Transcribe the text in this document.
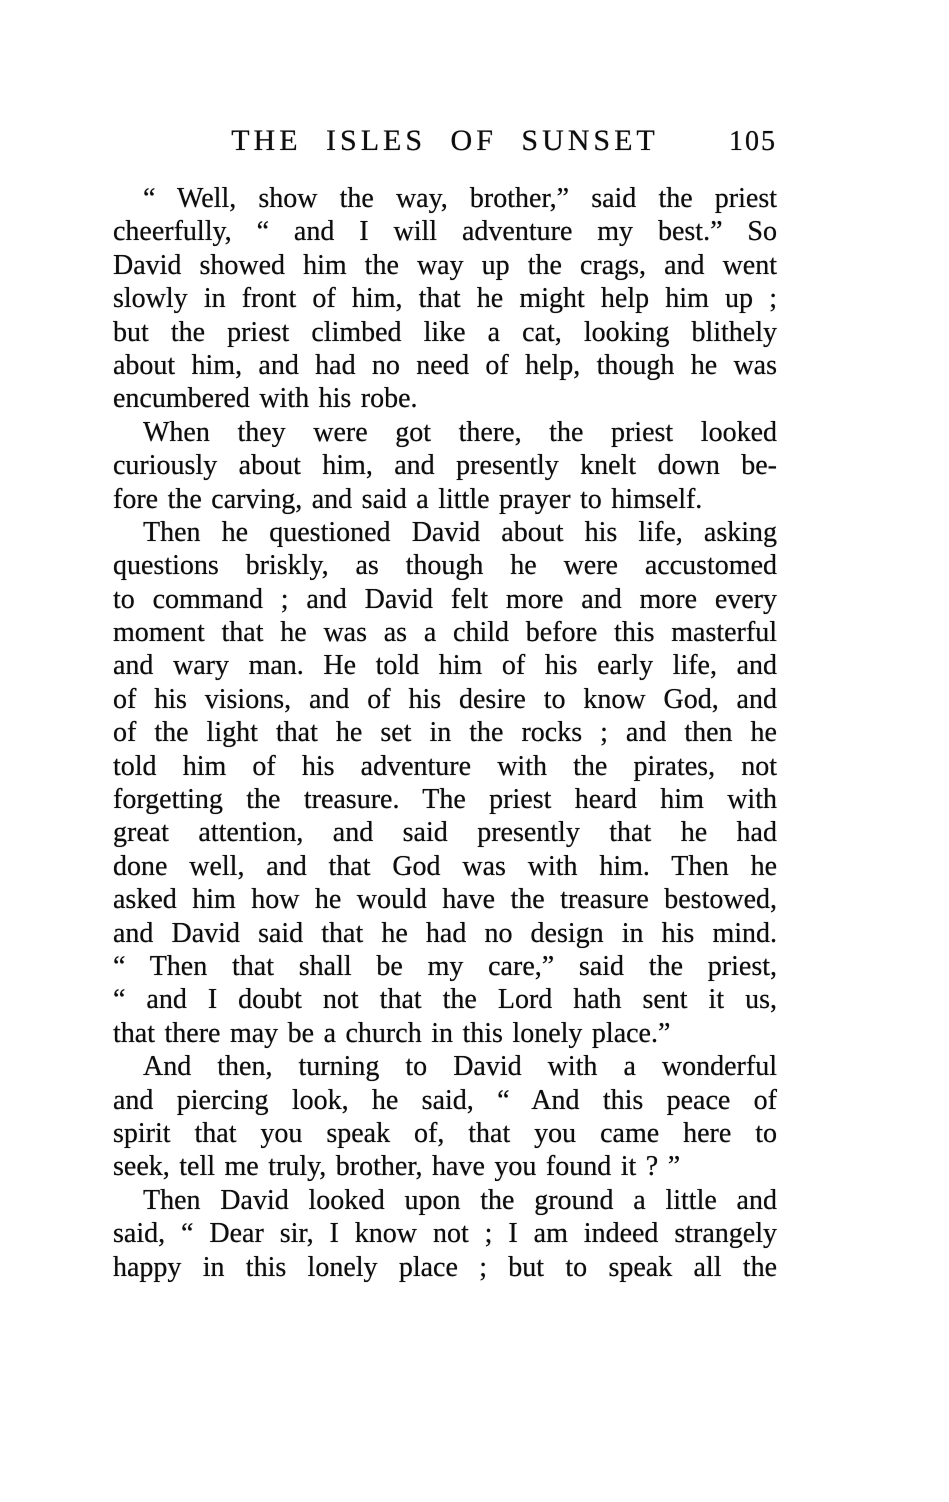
THE ISLES OF SUNSET	105

“ Well, show the way, brother,” said the priest
cheerfully, “ and I will adventure my best.” So
David showed him the way up the crags, and went
slowly in front of him, that he might help him up ;
but the priest climbed like a cat, looking blithely
about him, and had no need of help, though he was
encumbered with his robe.

When they were got there, the priest looked
curiously about him, and presently knelt down be-
fore the carving, and said a little prayer to himself.

Then he questioned David about his life, asking
questions briskly, as though he were accustomed
to command ; and David felt more and more every
moment that he was as a child before this masterful
and wary man. He told him of his early life, and
of his visions, and of his desire to know God, and
of the light that he set in the rocks ; and then he
told him of his adventure with the pirates, not
forgetting the treasure. The priest heard him with
great attention, and said presently that he had
done well, and that God was with him. Then he
asked him how he would have the treasure bestowed,
and David said that he had no design in his mind.
“ Then that shall be my care,” said the priest,
“ and I doubt not that the Lord hath sent it us,
that there may be a church in this lonely place.”

And then, turning to David with a wonderful
and piercing look, he said, “ And this peace of
spirit that you speak of, that you came here to
seek, tell me truly, brother, have you found it ? ”

Then David looked upon the ground a little and
said, “ Dear sir, I know not ; I am indeed strangely
happy in this lonely place ; but to speak all the
